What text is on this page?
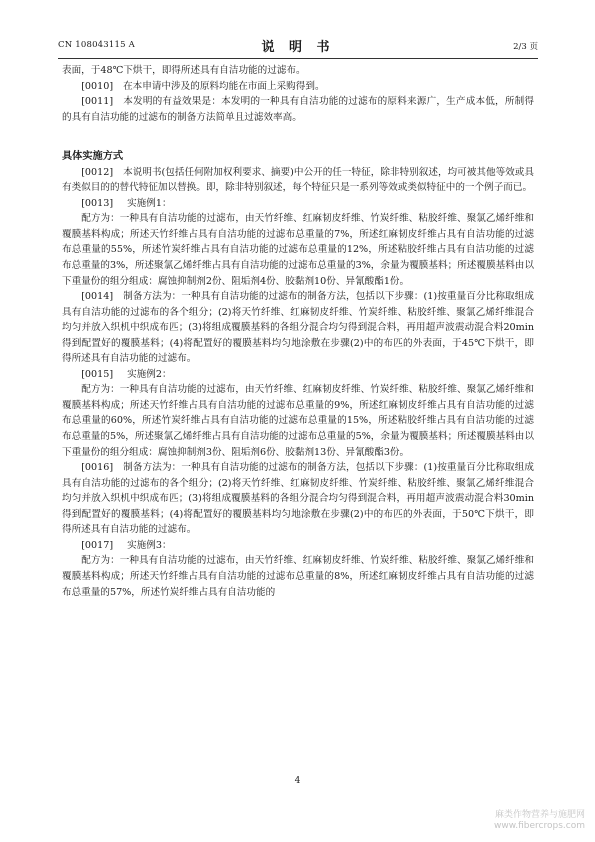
CN 108043115 A	说 明 书	2/3 页

表面，于48℃下烘干，即得所述具有自洁功能的过滤布。

[0010] 在本申请中涉及的原料均能在市面上采购得到。

[0011] 本发明的有益效果是：本发明的一种具有自洁功能的过滤布的原料来源广，生产成本低，所制得的具有自洁功能的过滤布的制备方法简单且过滤效率高。

具体实施方式

[0012] 本说明书(包括任何附加权利要求、摘要)中公开的任一特征，除非特别叙述，均可被其他等效或具有类似目的的替代特征加以替换。即，除非特别叙述，每个特征只是一系列等效或类似特征中的一个例子而已。

[0013] 实施例1：

配方为：一种具有自洁功能的过滤布，由天竹纤维、红麻韧皮纤维、竹炭纤维、粘胶纤维、聚氯乙烯纤维和覆膜基料构成；所述天竹纤维占具有自洁功能的过滤布总重量的7%，所述红麻韧皮纤维占具有自洁功能的过滤布总重量的55%，所述竹炭纤维占具有自洁功能的过滤布总重量的12%，所述粘胶纤维占具有自洁功能的过滤布总重量的3%，所述聚氯乙烯纤维占具有自洁功能的过滤布总重量的3%，余量为覆膜基料；所述覆膜基料由以下重量份的组分组成：腐蚀抑制剂2份、阻垢剂4份、胶黏剂10份、异氰酸酯1份。

[0014] 制备方法为：一种具有自洁功能的过滤布的制备方法，包括以下步骤：(1)按重量百分比称取组成具有自洁功能的过滤布的各个组分；(2)将天竹纤维、红麻韧皮纤维、竹炭纤维、粘胶纤维、聚氯乙烯纤维混合均匀并放入织机中织成布匹；(3)将组成覆膜基料的各组分混合均匀得到混合料，再用超声波震动混合料20min得到配置好的覆膜基料；(4)将配置好的覆膜基料均匀地涂敷在步骤(2)中的布匹的外表面，于45℃下烘干，即得所述具有自洁功能的过滤布。

[0015] 实施例2：

配方为：一种具有自洁功能的过滤布，由天竹纤维、红麻韧皮纤维、竹炭纤维、粘胶纤维、聚氯乙烯纤维和覆膜基料构成；所述天竹纤维占具有自洁功能的过滤布总重量的9%，所述红麻韧皮纤维占具有自洁功能的过滤布总重量的60%，所述竹炭纤维占具有自洁功能的过滤布总重量的15%，所述粘胶纤维占具有自洁功能的过滤布总重量的5%，所述聚氯乙烯纤维占具有自洁功能的过滤布总重量的5%，余量为覆膜基料；所述覆膜基料由以下重量份的组分组成：腐蚀抑制剂3份、阻垢剂6份、胶黏剂13份、异氰酸酯3份。

[0016] 制备方法为：一种具有自洁功能的过滤布的制备方法，包括以下步骤：(1)按重量百分比称取组成具有自洁功能的过滤布的各个组分；(2)将天竹纤维、红麻韧皮纤维、竹炭纤维、粘胶纤维、聚氯乙烯纤维混合均匀并放入织机中织成布匹；(3)将组成覆膜基料的各组分混合均匀得到混合料，再用超声波震动混合料30min得到配置好的覆膜基料；(4)将配置好的覆膜基料均匀地涂敷在步骤(2)中的布匹的外表面，于50℃下烘干，即得所述具有自洁功能的过滤布。

[0017] 实施例3：

配方为：一种具有自洁功能的过滤布，由天竹纤维、红麻韧皮纤维、竹炭纤维、粘胶纤维、聚氯乙烯纤维和覆膜基料构成；所述天竹纤维占具有自洁功能的过滤布总重量的8%，所述红麻韧皮纤维占具有自洁功能的过滤布总重量的57%，所述竹炭纤维占具有自洁功能的

4
麻类作物营养与施肥网
www.fibercrops.com
